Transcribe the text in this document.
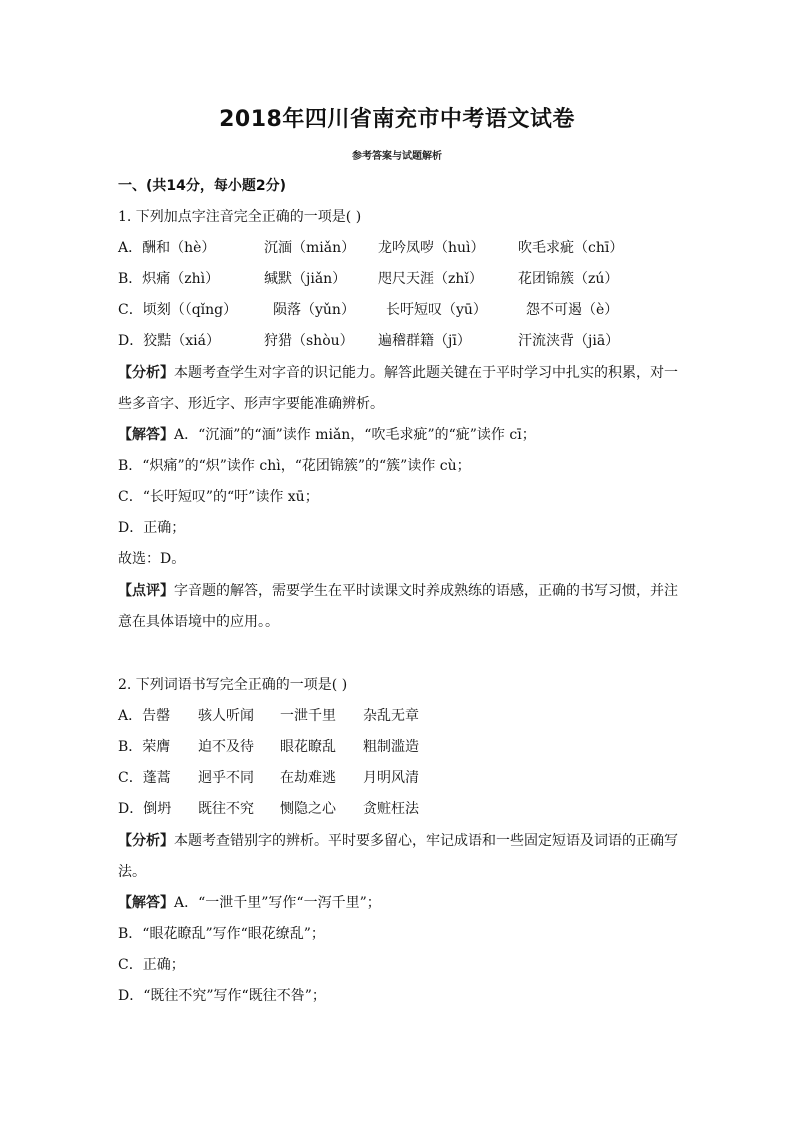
2018年四川省南充市中考语文试卷
参考答案与试题解析
一、(共14分，每小题2分)
1. 下列加点字注音完全正确的一项是( )
A．酬和（hè）	沉湎（miǎn） 龙吟凤哕（huì） 吹毛求疵（chī）
B．炽痛（zhì）	缄默（jiǎn） 咫尺天涯（zhǐ）	花团锦簇（zú）
C．顷刻（（qǐng）	陨落（yǔn） 长吁短叹（yū）	怨不可遏（è）
D．狡黠（xiá）	狩猎（shòu） 遍稽群籍（jī）	汗流浃背（jiā）
【分析】本题考查学生对字音的识记能力。解答此题关键在于平时学习中扎实的积累，对一
些多音字、形近字、形声字要能准确辨析。
【解答】A．“沉湎”的“湎”读作 miǎn，“吹毛求疵”的“疵”读作 cī；
B．“炽痛”的“炽”读作 chì，“花团锦簇”的“簇”读作 cù；
C．“长吁短叹”的“吁”读作 xū；
D．正确；
故选：D。
【点评】字音题的解答，需要学生在平时读课文时养成熟练的语感，正确的书写习惯，并注
意在具体语境中的应用。。
2. 下列词语书写完全正确的一项是( )
A．告罄 骇人听闻 一泄千里 杂乱无章
B．荣膺 迫不及待 眼花瞭乱 粗制滥造
C．蓬蒿 迥乎不同 在劫难逃 月明风清
D．倒坍 既往不究 恻隐之心 贪赃枉法
【分析】本题考查错别字的辨析。平时要多留心，牢记成语和一些固定短语及词语的正确写
法。
【解答】A．“一泄千里”写作“一泻千里”；
B．“眼花瞭乱”写作“眼花缭乱”；
C．正确；
D．“既往不究”写作“既往不咎”；
